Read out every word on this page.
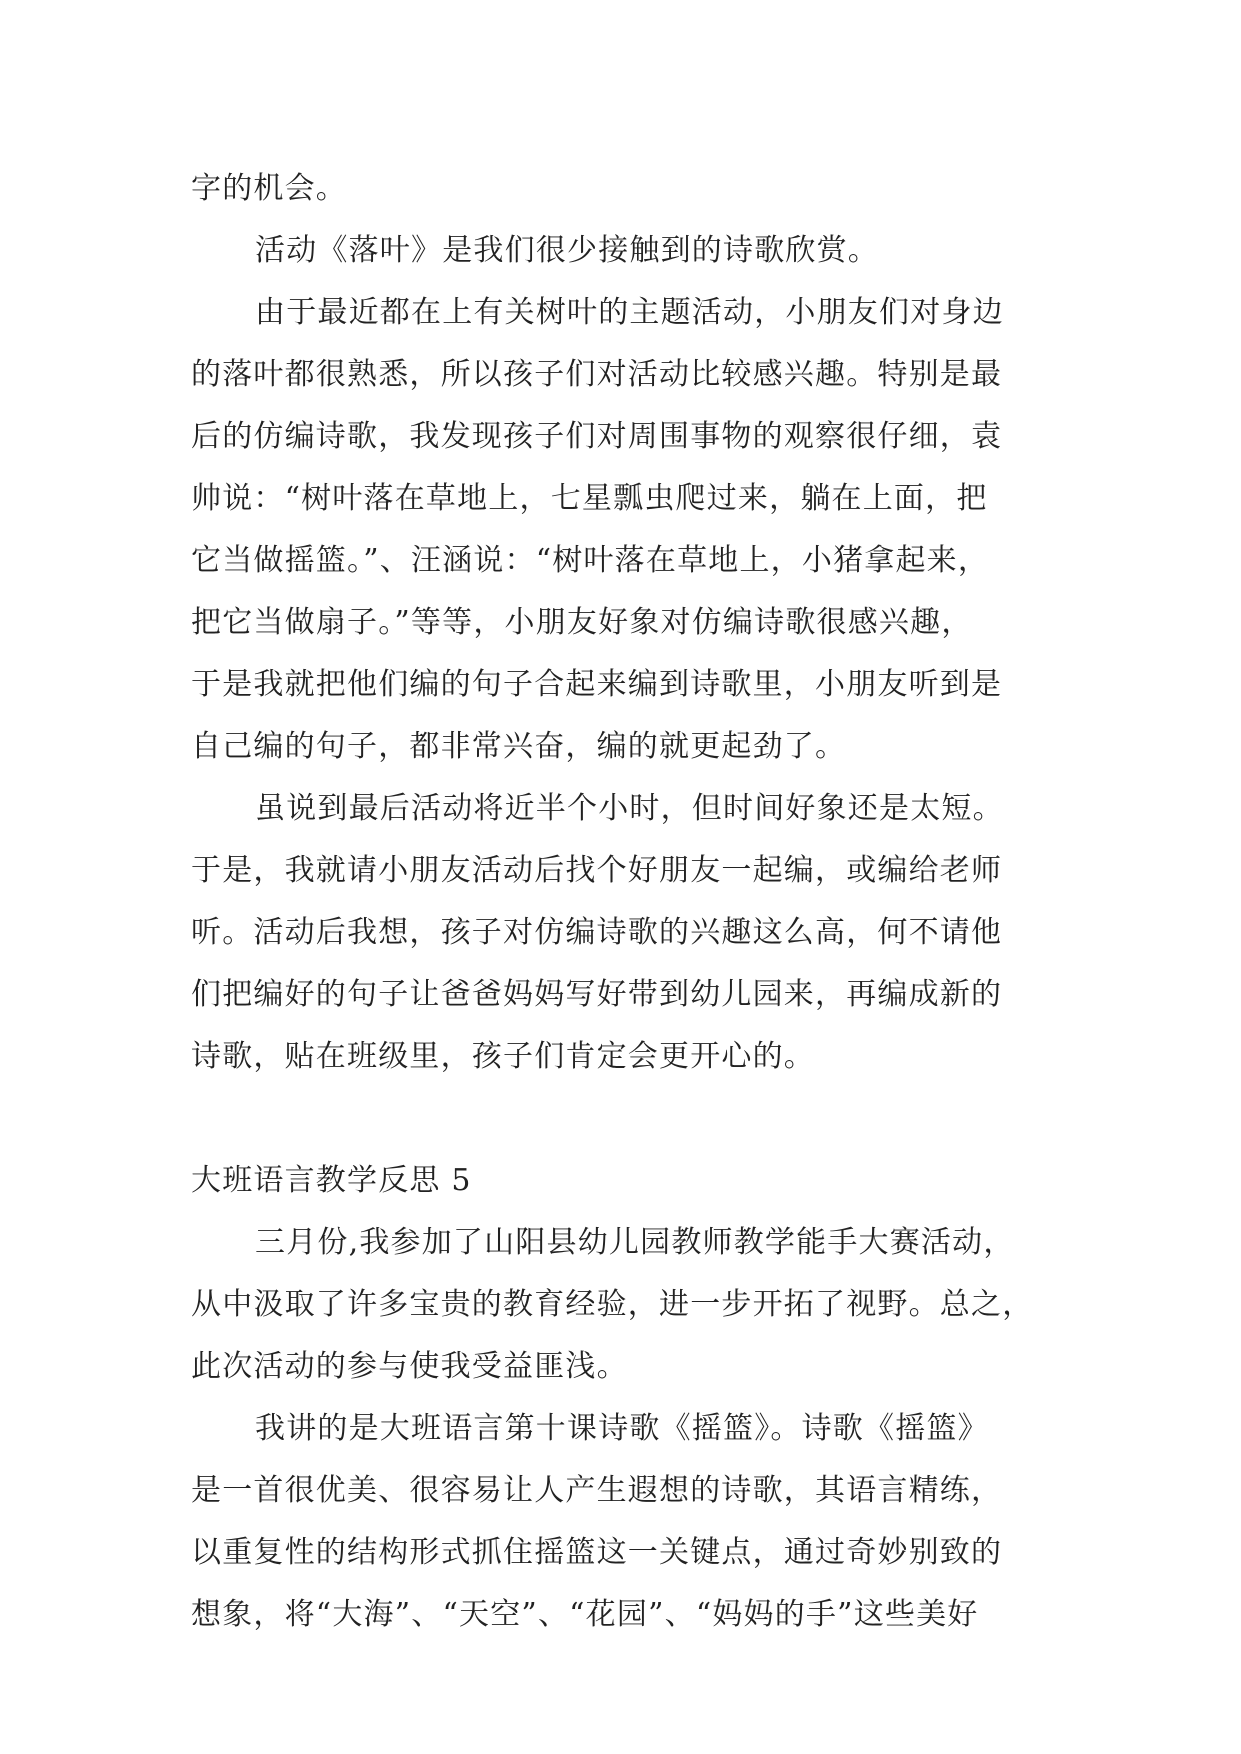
字的机会。
活动《落叶》是我们很少接触到的诗歌欣赏。
由于最近都在上有关树叶的主题活动，小朋友们对身边
的落叶都很熟悉，所以孩子们对活动比较感兴趣。特别是最
后的仿编诗歌，我发现孩子们对周围事物的观察很仔细，袁
帅说：“树叶落在草地上，七星瓢虫爬过来，躺在上面，把
它当做摇篮。”、汪涵说：“树叶落在草地上，小猪拿起来，
把它当做扇子。”等等，小朋友好象对仿编诗歌很感兴趣，
于是我就把他们编的句子合起来编到诗歌里，小朋友听到是
自己编的句子，都非常兴奋，编的就更起劲了。
虽说到最后活动将近半个小时，但时间好象还是太短。
于是，我就请小朋友活动后找个好朋友一起编，或编给老师
听。活动后我想，孩子对仿编诗歌的兴趣这么高，何不请他
们把编好的句子让爸爸妈妈写好带到幼儿园来，再编成新的
诗歌，贴在班级里，孩子们肯定会更开心的。
大班语言教学反思 5
三月份,我参加了山阳县幼儿园教师教学能手大赛活动，
从中汲取了许多宝贵的教育经验，进一步开拓了视野。总之，
此次活动的参与使我受益匪浅。
我讲的是大班语言第十课诗歌《摇篮》。诗歌《摇篮》
是一首很优美、很容易让人产生遐想的诗歌，其语言精练，
以重复性的结构形式抓住摇篮这一关键点，通过奇妙别致的
想象，将“大海”、“天空”、“花园”、“妈妈的手”这些美好
